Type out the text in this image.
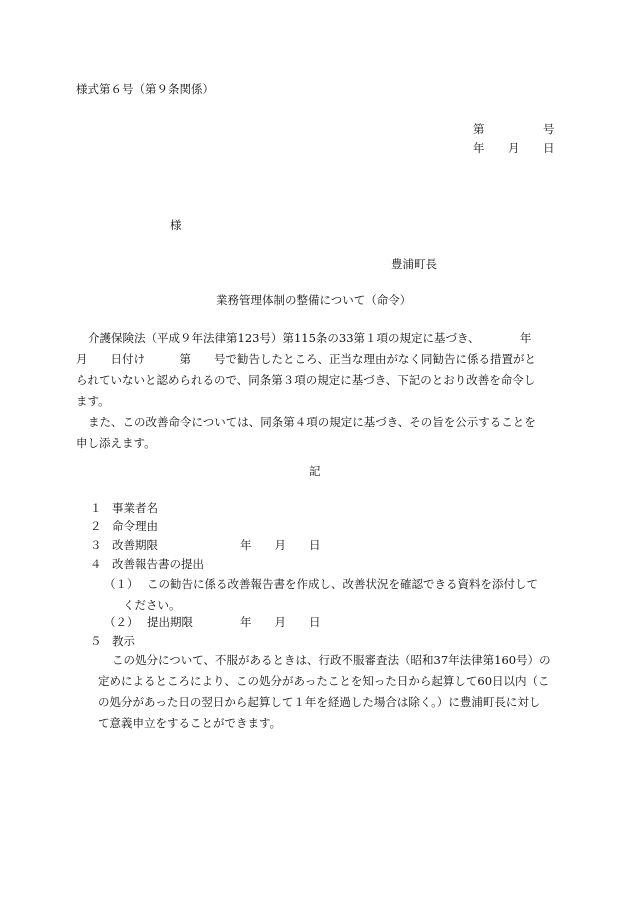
様式第６号（第９条関係）
第	号
年 月 日
様
豊浦町長
業務管理体制の整備について（命令）
介護保険法（平成９年法律第123号）第115条の33第１項の規定に基づき、　　　　年
月　　日付け　　　第　　号で勧告したところ、正当な理由がなく同勧告に係る措置がと
られていないと認められるので、同条第３項の規定に基づき、下記のとおり改善を命令し
ます。
また、この改善命令については、同条第４項の規定に基づき、その旨を公示することを
申し添えます。
記
１ 事業者名
２ 命令理由
３ 改善期限	年　　月　　日
４ 改善報告書の提出
（１） この勧告に係る改善報告書を作成し、改善状況を確認できる資料を添付して
ください。
（２） 提出期限	年　　月　　日
５ 教示
この処分について、不服があるときは、行政不服審査法（昭和37年法律第160号）の
定めによるところにより、この処分があったことを知った日から起算して60日以内（こ
の処分があった日の翌日から起算して１年を経過した場合は除く。）に豊浦町長に対し
て意義申立をすることができます。
